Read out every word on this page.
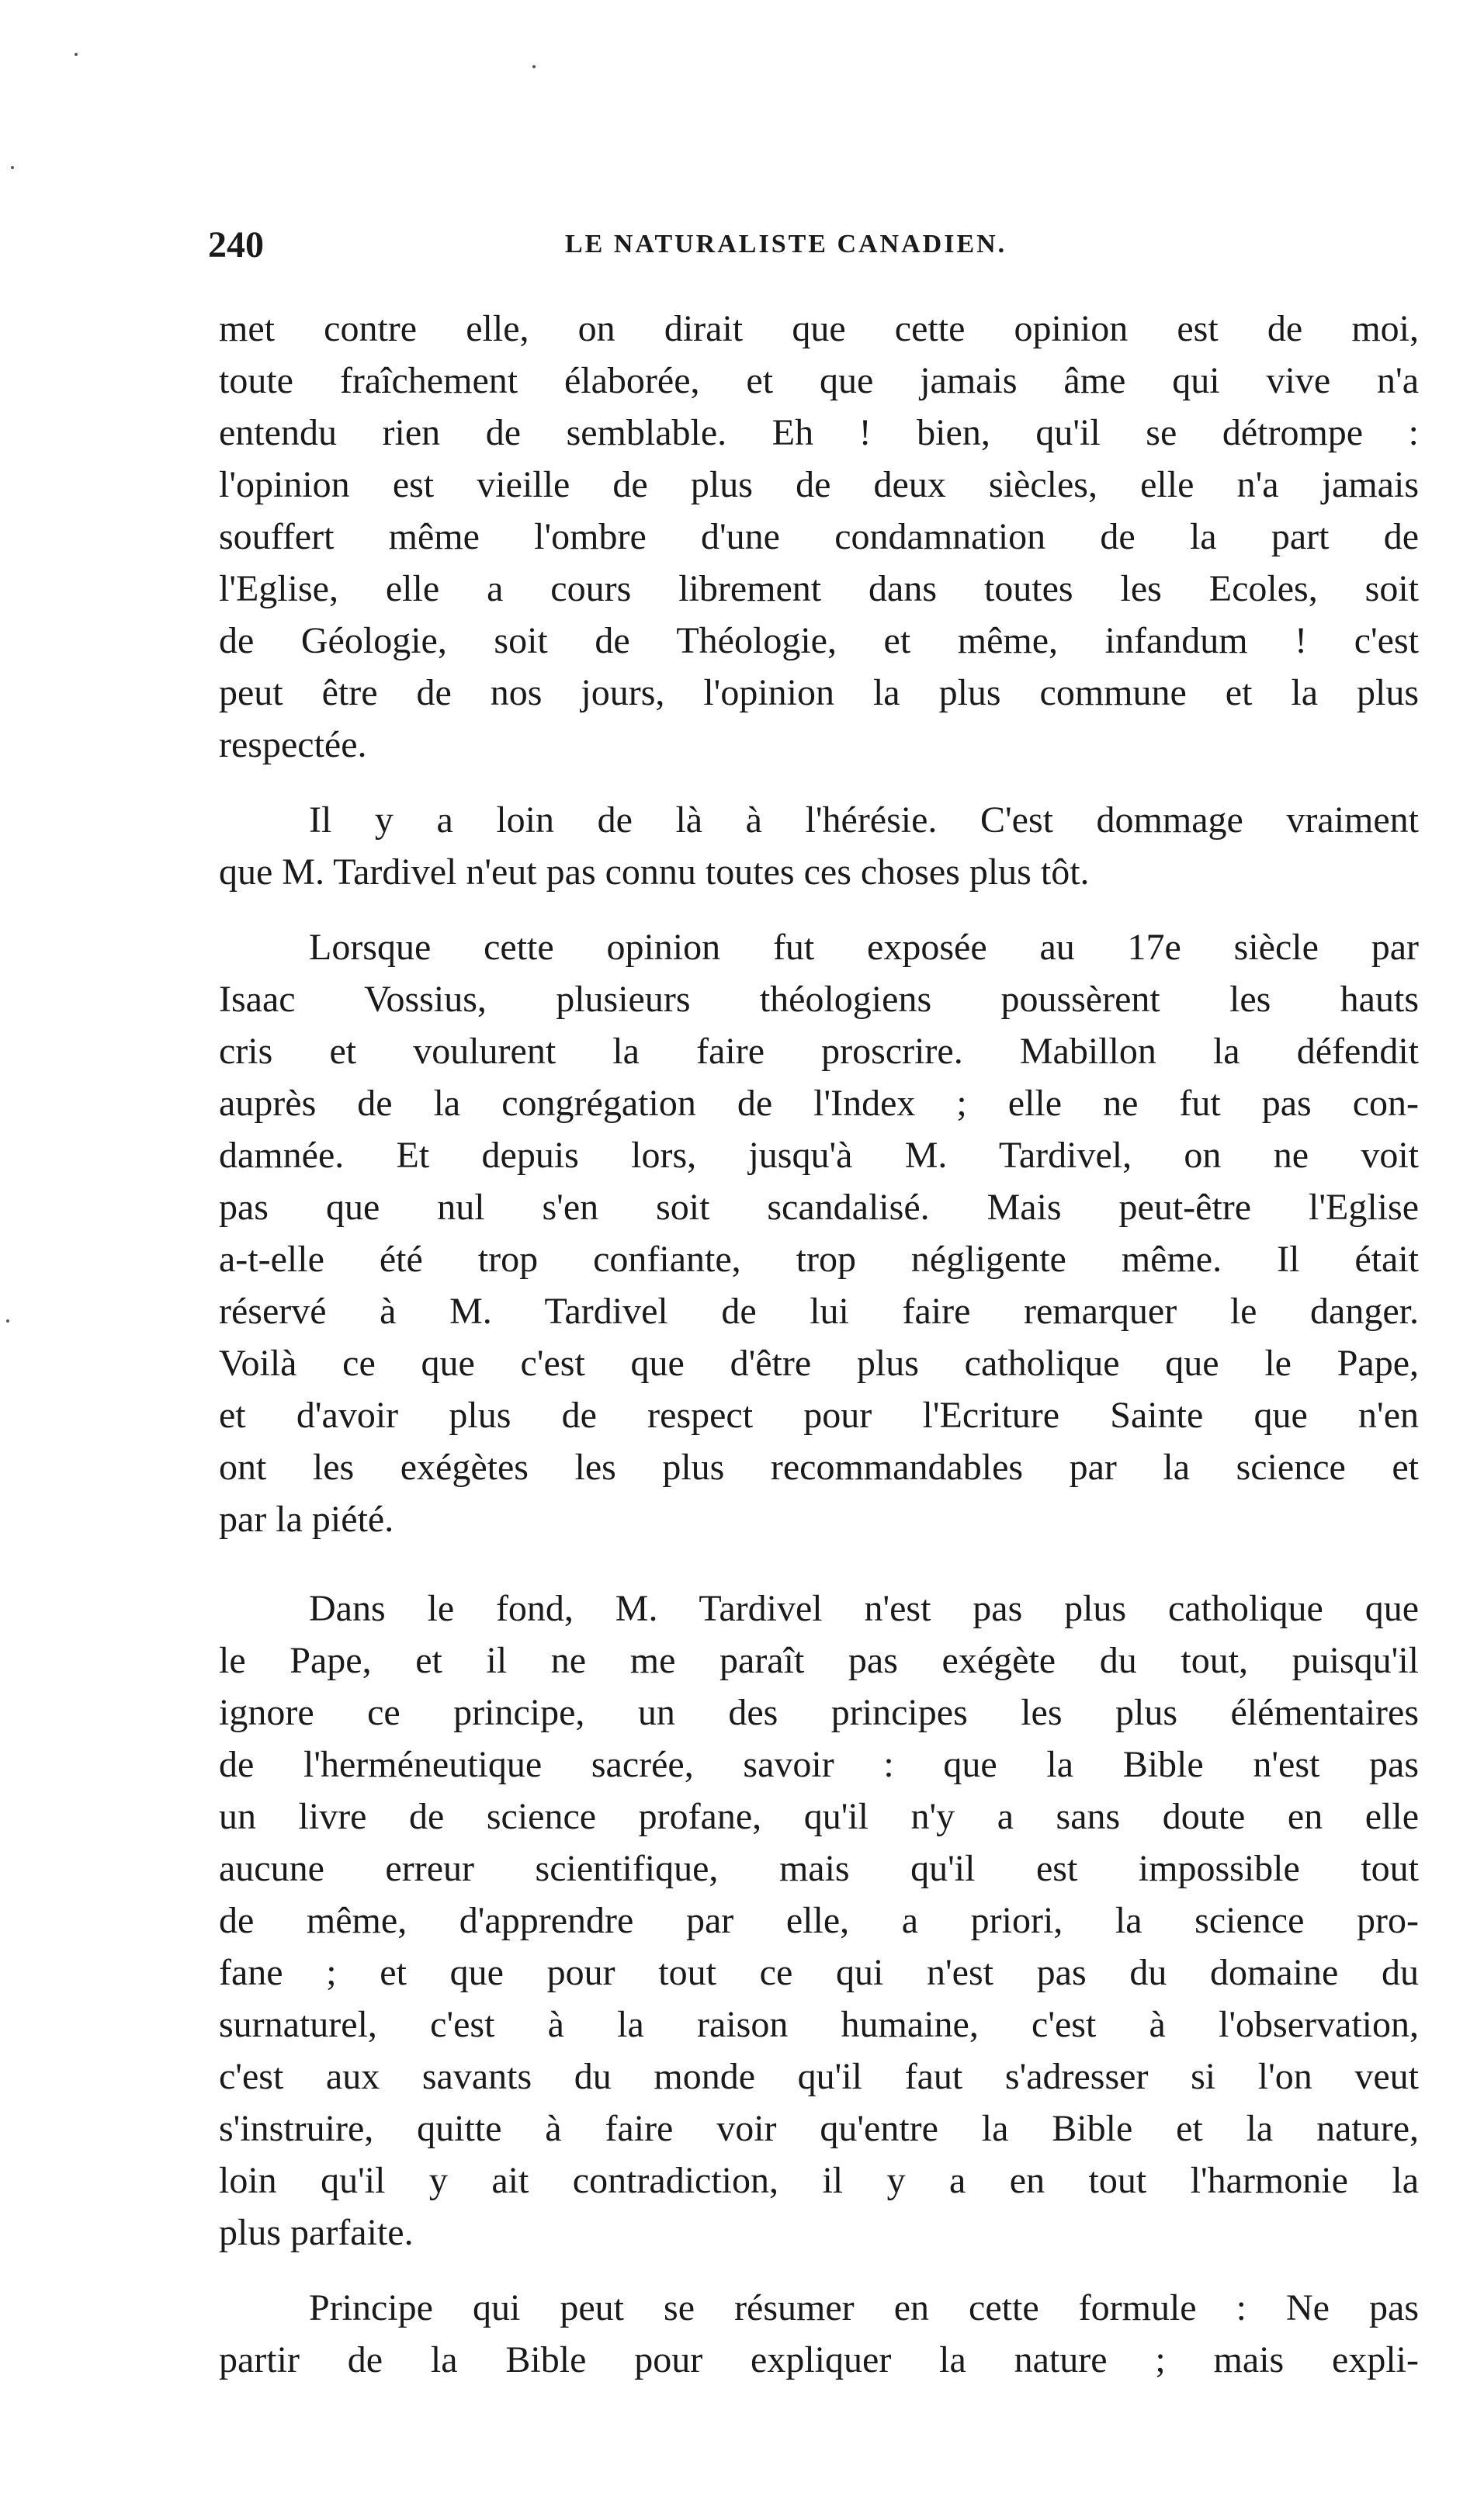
240	LE NATURALISTE CANADIEN.

met contre elle, on dirait que cette opinion est de moi,
toute fraîchement élaborée, et que jamais âme qui vive n'a
entendu rien de semblable. Eh ! bien, qu'il se détrompe :
l'opinion est vieille de plus de deux siècles, elle n'a jamais
souffert même l'ombre d'une condamnation de la part de
l'Eglise, elle a cours librement dans toutes les Ecoles, soit
de Géologie, soit de Théologie, et même, infandum ! c'est
peut être de nos jours, l'opinion la plus commune et la plus
respectée.

Il y a loin de là à l'hérésie. C'est dommage vraiment
que M. Tardivel n'eut pas connu toutes ces choses plus tôt.

Lorsque cette opinion fut exposée au 17e siècle par
Isaac Vossius, plusieurs théologiens poussèrent les hauts
cris et voulurent la faire proscrire. Mabillon la défendit
auprès de la congrégation de l'Index ; elle ne fut pas con-
damnée. Et depuis lors, jusqu'à M. Tardivel, on ne voit
pas que nul s'en soit scandalisé. Mais peut-être l'Eglise
a-t-elle été trop confiante, trop négligente même. Il était
réservé à M. Tardivel de lui faire remarquer le danger.
Voilà ce que c'est que d'être plus catholique que le Pape,
et d'avoir plus de respect pour l'Ecriture Sainte que n'en
ont les exégètes les plus recommandables par la science et
par la piété.

Dans le fond, M. Tardivel n'est pas plus catholique que
le Pape, et il ne me paraît pas exégète du tout, puisqu'il
ignore ce principe, un des principes les plus élémentaires
de l'herméneutique sacrée, savoir : que la Bible n'est pas
un livre de science profane, qu'il n'y a sans doute en elle
aucune erreur scientifique, mais qu'il est impossible tout
de même, d'apprendre par elle, a priori, la science pro-
fane ; et que pour tout ce qui n'est pas du domaine du
surnaturel, c'est à la raison humaine, c'est à l'observation,
c'est aux savants du monde qu'il faut s'adresser si l'on veut
s'instruire, quitte à faire voir qu'entre la Bible et la nature,
loin qu'il y ait contradiction, il y a en tout l'harmonie la
plus parfaite.

Principe qui peut se résumer en cette formule : Ne pas
partir de la Bible pour expliquer la nature ; mais expli-
